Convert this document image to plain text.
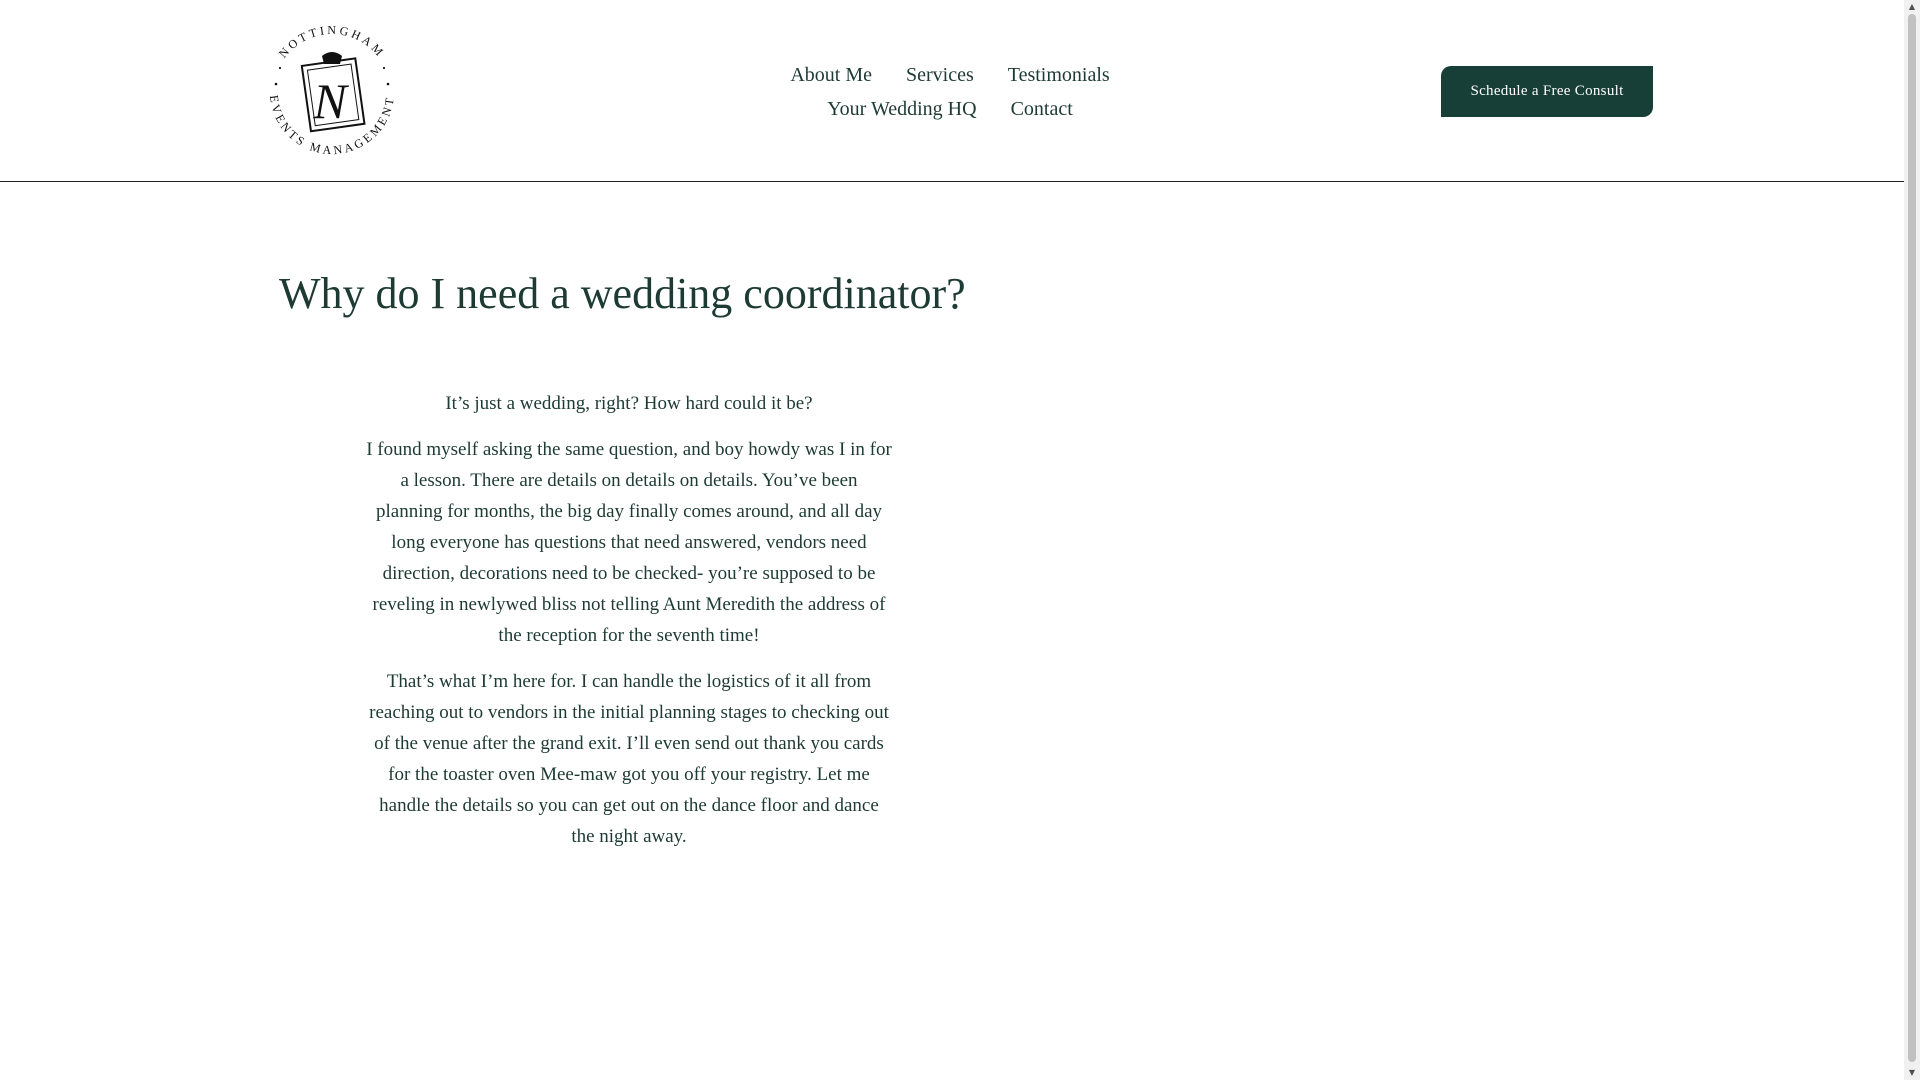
NOTTINGHAM
EVENTS MANAGEMENT
N	About Me Services Testimonials
Your Wedding HQ Contact
Schedule a Free Consult
Why do I need a wedding coordinator?

It’s just a wedding, right? How hard could it be?

I found myself asking the same question, and boy howdy was I in for a lesson. There are details on details on details. You’ve been planning for months, the big day finally comes around, and all day long everyone has questions that need answered, vendors need direction, decorations need to be checked- you’re supposed to be reveling in newlywed bliss not telling Aunt Meredith the address of the reception for the seventh time!

That’s what I’m here for. I can handle the logistics of it all from reaching out to vendors in the initial planning stages to checking out of the venue after the grand exit. I’ll even send out thank you cards for the toaster oven Mee-maw got you off your registry. Let me handle the details so you can get out on the dance floor and dance the night away.

▲
▼
